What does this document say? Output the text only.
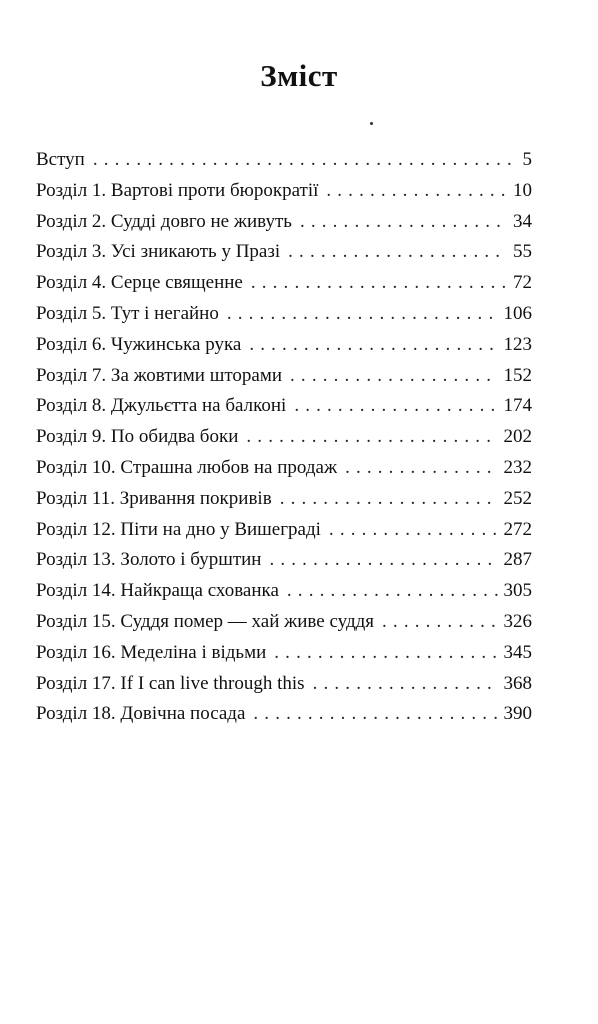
Зміст
Вступ . . .	5
Розділ 1. Вартові проти бюрократії . . .	10
Розділ 2. Судді довго не живуть . . .	34
Розділ 3. Усі зникають у Празі . . .	55
Розділ 4. Серце священне . . .	72
Розділ 5. Тут і негайно . . .	106
Розділ 6. Чужинська рука . . .	123
Розділ 7. За жовтими шторами . . .	152
Розділ 8. Джульєтта на балконі . . .	174
Розділ 9. По обидва боки . . .	202
Розділ 10. Страшна любов на продаж . . .	232
Розділ 11. Зривання покривів . . .	252
Розділ 12. Піти на дно у Вишеграді . . .	272
Розділ 13. Золото і бурштин . . .	287
Розділ 14. Найкраща схованка . . .	305
Розділ 15. Суддя помер — хай живе суддя . . .	326
Розділ 16. Меделіна і відьми . . .	345
Розділ 17. If I can live through this . . .	368
Розділ 18. Довічна посада . . .	390
